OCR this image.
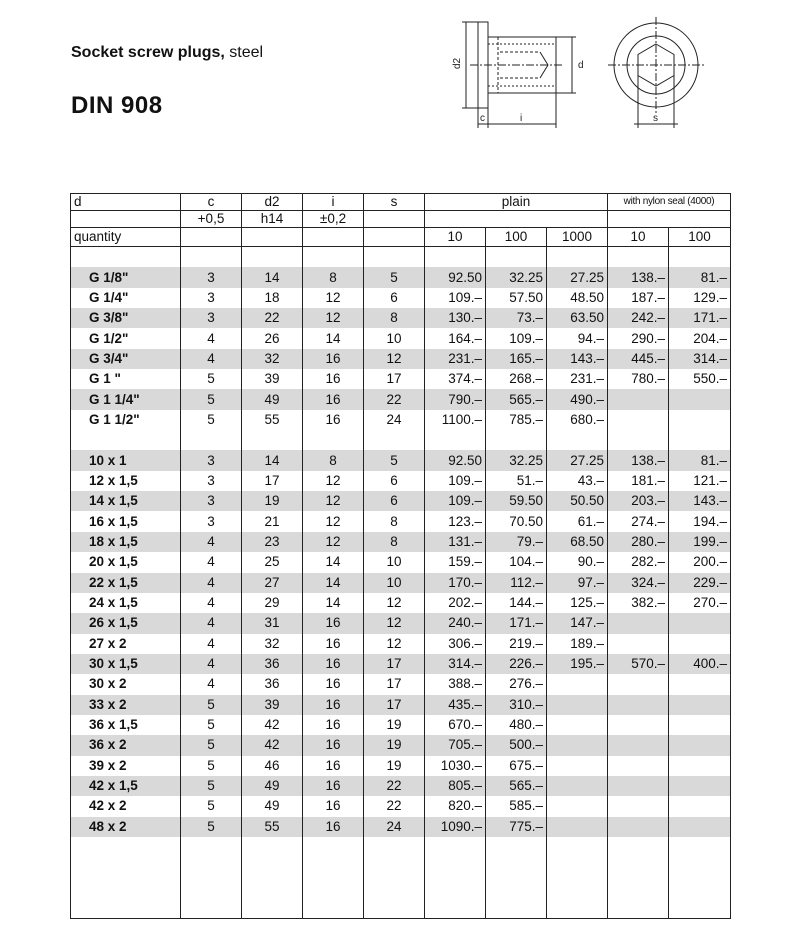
Socket screw plugs, steel
DIN 908
d2	d
c	i	s
d	c	d2	i	s	plain			with nylon seal (4000)	
	+0,5	h14	±0,2						
quantity					10	100	1000	10	100

G 1/8"	3	14	8	5	92.50	32.25	27.25	138.–	81.–
G 1/4"	3	18	12	6	109.–	57.50	48.50	187.–	129.–
G 3/8"	3	22	12	8	130.–	73.–	63.50	242.–	171.–
G 1/2"	4	26	14	10	164.–	109.–	94.–	290.–	204.–
G 3/4"	4	32	16	12	231.–	165.–	143.–	445.–	314.–
G 1 "	5	39	16	17	374.–	268.–	231.–	780.–	550.–
G 1 1/4"	5	49	16	22	790.–	565.–	490.–		
G 1 1/2"	5	55	16	24	1100.–	785.–	680.–		

10 x 1	3	14	8	5	92.50	32.25	27.25	138.–	81.–
12 x 1,5	3	17	12	6	109.–	51.–	43.–	181.–	121.–
14 x 1,5	3	19	12	6	109.–	59.50	50.50	203.–	143.–
16 x 1,5	3	21	12	8	123.–	70.50	61.–	274.–	194.–
18 x 1,5	4	23	12	8	131.–	79.–	68.50	280.–	199.–
20 x 1,5	4	25	14	10	159.–	104.–	90.–	282.–	200.–
22 x 1,5	4	27	14	10	170.–	112.–	97.–	324.–	229.–
24 x 1,5	4	29	14	12	202.–	144.–	125.–	382.–	270.–
26 x 1,5	4	31	16	12	240.–	171.–	147.–		
27 x 2	4	32	16	12	306.–	219.–	189.–		
30 x 1,5	4	36	16	17	314.–	226.–	195.–	570.–	400.–
30 x 2	4	36	16	17	388.–	276.–			
33 x 2	5	39	16	17	435.–	310.–			
36 x 1,5	5	42	16	19	670.–	480.–			
36 x 2	5	42	16	19	705.–	500.–			
39 x 2	5	46	16	19	1030.–	675.–			
42 x 1,5	5	49	16	22	805.–	565.–			
42 x 2	5	49	16	22	820.–	585.–			
48 x 2	5	55	16	24	1090.–	775.–			
